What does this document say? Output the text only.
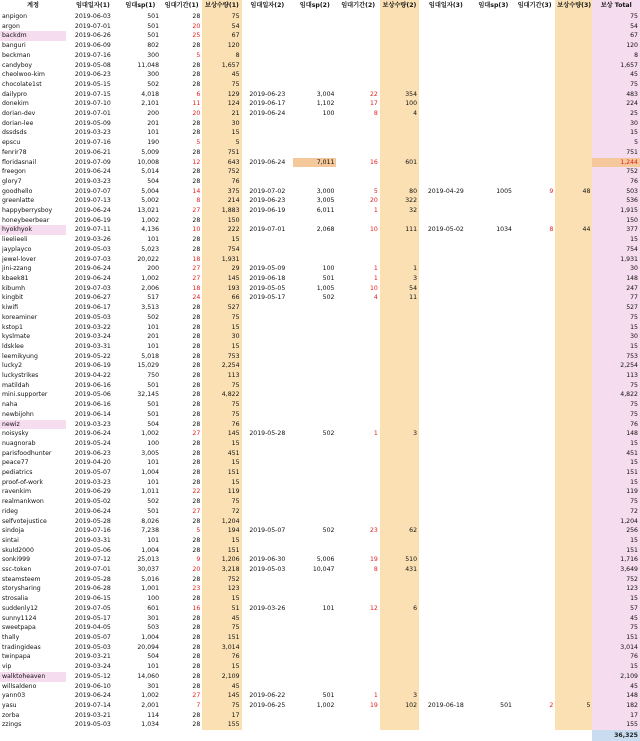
계정	임대일자(1)	임대sp(1)	임대기간(1)	보상수량(1)	임대일자(2)	임대sp(2)	임대기간(2)	보상수량(2)	임대일자(3)	임대sp(3)	임대기간(3)	보상수량(3)	보상 Total
anpigon	2019-06-03	501	28	75									75
argon	2019-07-01	501	20	54									54
backdm	2019-06-26	501	25	67									67
banguri	2019-06-09	802	28	120									120
beckman	2019-07-16	300	5	8									8
candyboy	2019-05-08	11,048	28	1,657									1,657
cheolwoo-kim	2019-06-23	300	28	45									45
chocolate1st	2019-05-15	502	28	75									75
dailypro	2019-07-15	4,018	6	129	2019-06-23	3,004	22	354					483
donekim	2019-07-10	2,101	11	124	2019-06-17	1,102	17	100					224
dorian-dev	2019-07-01	200	20	21	2019-06-24	100	8	4					25
dorian-lee	2019-05-09	201	28	30									30
dssdsds	2019-03-23	101	28	15									15
epscu	2019-07-16	190	5	5									5
fenrir78	2019-06-21	5,009	28	751									751
floridasnail	2019-07-09	10,008	12	643	2019-06-24	7,011	16	601					1,244
freegon	2019-06-24	5,014	28	752									752
glory7	2019-03-23	504	28	76									76
goodhello	2019-07-07	5,004	14	375	2019-07-02	3,000	5	80	2019-04-29	1005	9	48	503
greenlatte	2019-07-13	5,002	8	214	2019-06-23	3,005	20	322					536
happyberrysboy	2019-06-24	13,021	27	1,883	2019-06-19	6,011	1	32					1,915
honeybeerbear	2019-06-19	1,002	28	150									150
hyokhyok	2019-07-11	4,136	10	222	2019-07-01	2,068	10	111	2019-05-02	1034	8	44	377
lieelieeli	2019-03-26	101	28	15									15
jayplayco	2019-05-03	5,023	28	754									754
jewel-lover	2019-07-03	20,022	18	1,931									1,931
jini-zzang	2019-06-24	200	27	29	2019-05-09	100	1	1					30
kbaek81	2019-06-24	1,002	27	145	2019-06-18	501	1	3					148
kibumh	2019-07-03	2,006	18	193	2019-05-05	1,005	10	54					247
kingbit	2019-06-27	517	24	66	2019-05-17	502	4	11					77
kiwifi	2019-06-17	3,513	28	527									527
koreaminer	2019-05-03	502	28	75									75
kstop1	2019-03-22	101	28	15									15
kyslmate	2019-03-24	201	28	30									30
ldsklee	2019-03-31	101	28	15									15
leemikyung	2019-05-22	5,018	28	753									753
lucky2	2019-06-19	15,029	28	2,254									2,254
luckystrikes	2019-04-22	750	28	113									113
matildah	2019-06-16	501	28	75									75
mini.supporter	2019-05-06	32,145	28	4,822									4,822
naha	2019-06-16	501	28	75									75
newbijohn	2019-06-14	501	28	75									75
newiz	2019-03-23	504	28	76									76
noisysky	2019-06-24	1,002	27	145	2019-05-28	502	1	3					148
nuagnorab	2019-05-24	100	28	15									15
parisfoodhunter	2019-06-23	3,005	28	451									451
peace77	2019-04-20	101	28	15									15
pediatrics	2019-05-07	1,004	28	151									151
proof-of-work	2019-03-23	101	28	15									15
ravenkim	2019-06-29	1,011	22	119									119
realmankwon	2019-05-02	502	28	75									75
rideg	2019-06-24	501	27	72									72
selfvotejustice	2019-05-28	8,026	28	1,204									1,204
sindoja	2019-07-16	7,238	5	194	2019-05-07	502	23	62					256
sintai	2019-03-31	101	28	15									15
skuld2000	2019-05-06	1,004	28	151									151
sonki999	2019-07-12	25,013	9	1,206	2019-06-30	5,006	19	510					1,716
ssc-token	2019-07-01	30,037	20	3,218	2019-05-03	10,047	8	431					3,649
steamsteem	2019-05-28	5,016	28	752									752
storysharing	2019-06-28	1,001	23	123									123
strosalia	2019-06-15	100	28	15									15
suddenly12	2019-07-05	601	16	51	2019-03-26	101	12	6					57
sunny1124	2019-05-17	301	28	45									45
sweetpapa	2019-04-05	503	28	75									75
thally	2019-05-07	1,004	28	151									151
tradingideas	2019-05-03	20,094	28	3,014									3,014
twinpapa	2019-03-21	504	28	76									76
vip	2019-03-24	101	28	15									15
walktoheaven	2019-05-12	14,060	28	2,109									2,109
willsaldeno	2019-06-10	301	28	45									45
yann03	2019-06-24	1,002	27	145	2019-06-22	501	1	3					148
yasu	2019-07-14	2,001	7	75	2019-06-25	1,002	19	102	2019-06-18	501	2	5	182
zorba	2019-03-21	114	28	17									17
zzings	2019-05-03	1,034	28	155									155
													36,325
